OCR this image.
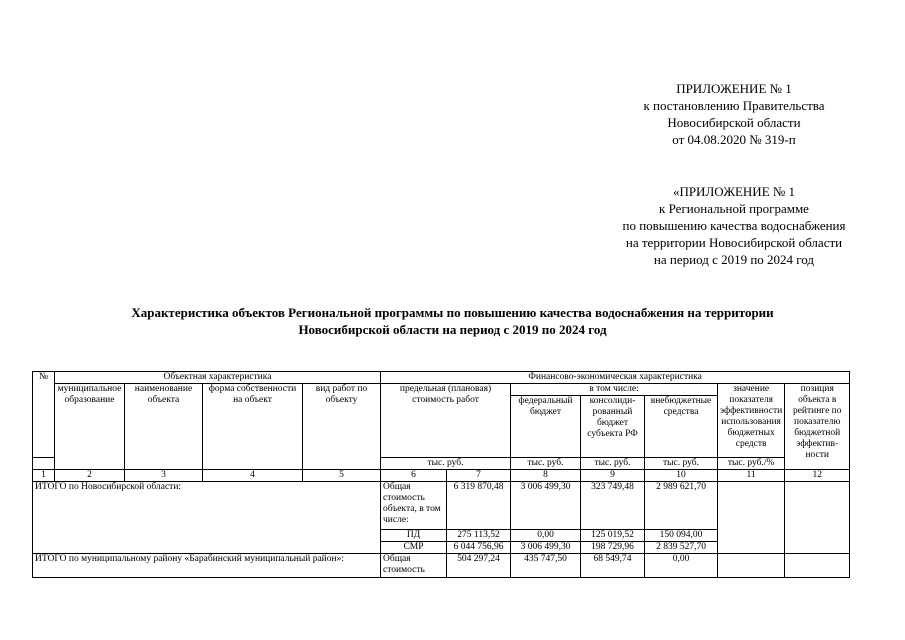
ПРИЛОЖЕНИЕ № 1
к постановлению Правительства
Новосибирской области
от 04.08.2020 № 319-п
«ПРИЛОЖЕНИЕ № 1
к Региональной программе
по повышению качества водоснабжения
на территории Новосибирской области
на период с 2019 по 2024 год
Характеристика объектов Региональной программы по повышению качества водоснабжения на территории
Новосибирской области на период с 2019 по 2024 год
№	Объектная характеристика				Финансово-экономическая характеристика						
	муниципальное образование	наименование объекта	форма собственности на объект	вид работ по объекту	предельная (плановая) стоимость работ		в том числе:			значение показателя эффективности использования бюджетных средств	позиция объекта в рейтинге по показателю бюджетной эффектив-ности
							федеральный бюджет	консолиди-рованный бюджет субъекта РФ	внебюджетные средства		
					тыс. руб.		тыс. руб.	тыс. руб.	тыс. руб.	тыс. руб./%	
1	2	3	4	5	6	7	8	9	10	11	12
ИТОГО по Новосибирской области:					Общая стоимость объекта, в том числе:	6 319 870,48	3 006 499,30	323 749,48	2 989 621,70		
					ПД	275 113,52	0,00	125 019,52	150 094,00		
					СМР	6 044 756,96	3 006 499,30	198 729,96	2 839 527,70		
ИТОГО по муниципальному району «Барабинский муниципальный район»:					Общая стоимость	504 297,24	435 747,50	68 549,74	0,00		
